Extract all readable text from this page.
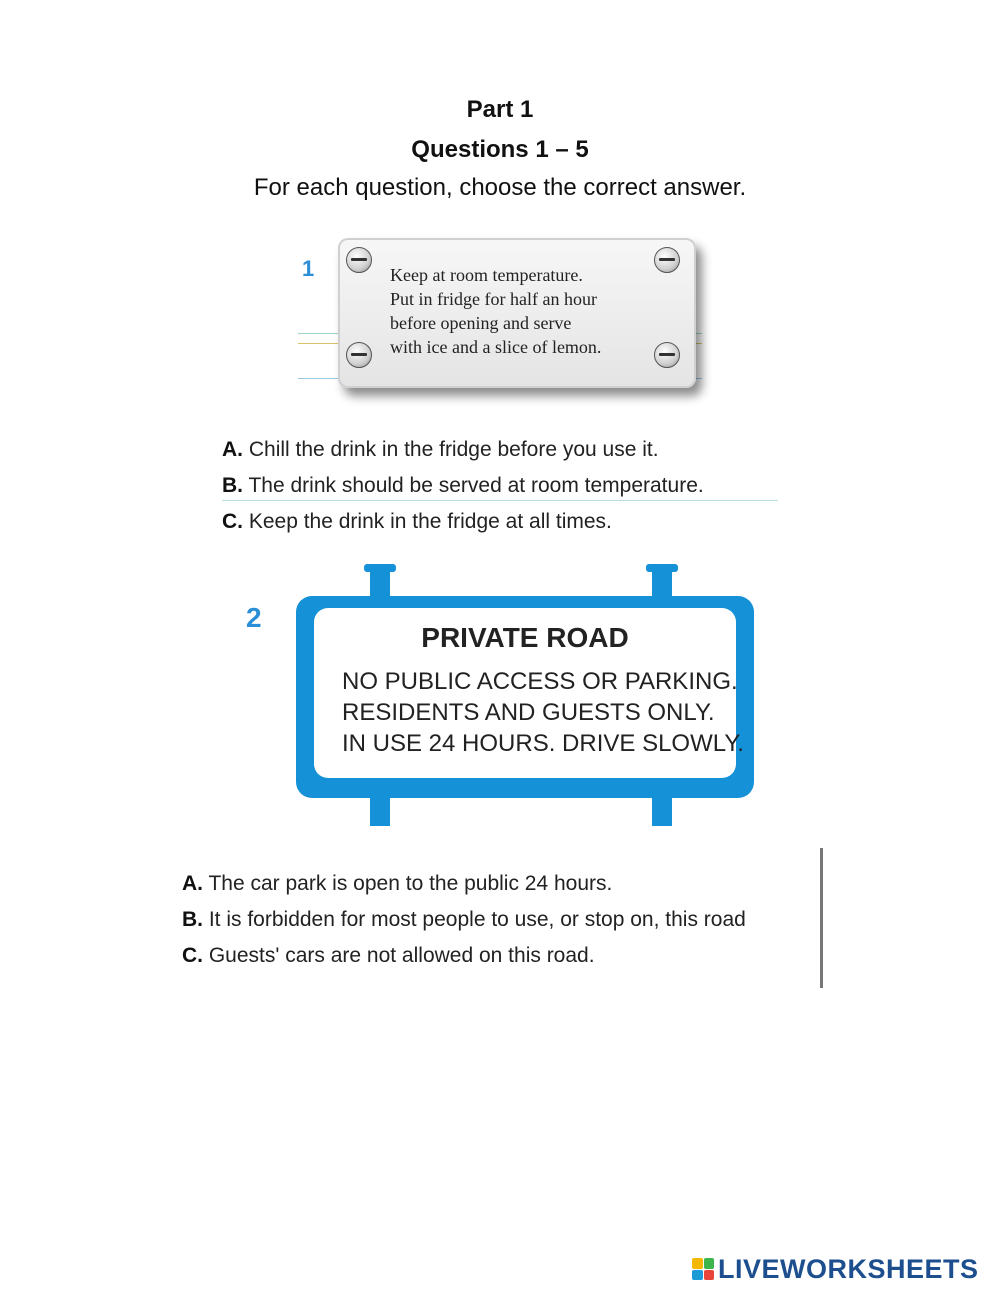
Part 1
Questions 1 – 5
For each question, choose the correct answer.
1	Keep at room temperature.
Put in fridge for half an hour
before opening and serve
with ice and a slice of lemon.
A. Chill the drink in the fridge before you use it.
B. The drink should be served at room temperature.
C. Keep the drink in the fridge at all times.
2
PRIVATE ROAD
NO PUBLIC ACCESS OR PARKING.
RESIDENTS AND GUESTS ONLY.
IN USE 24 HOURS. DRIVE SLOWLY.
A. The car park is open to the public 24 hours.
B. It is forbidden for most people to use, or stop on, this road
C. Guests' cars are not allowed on this road.
LIVEWORKSHEETS
